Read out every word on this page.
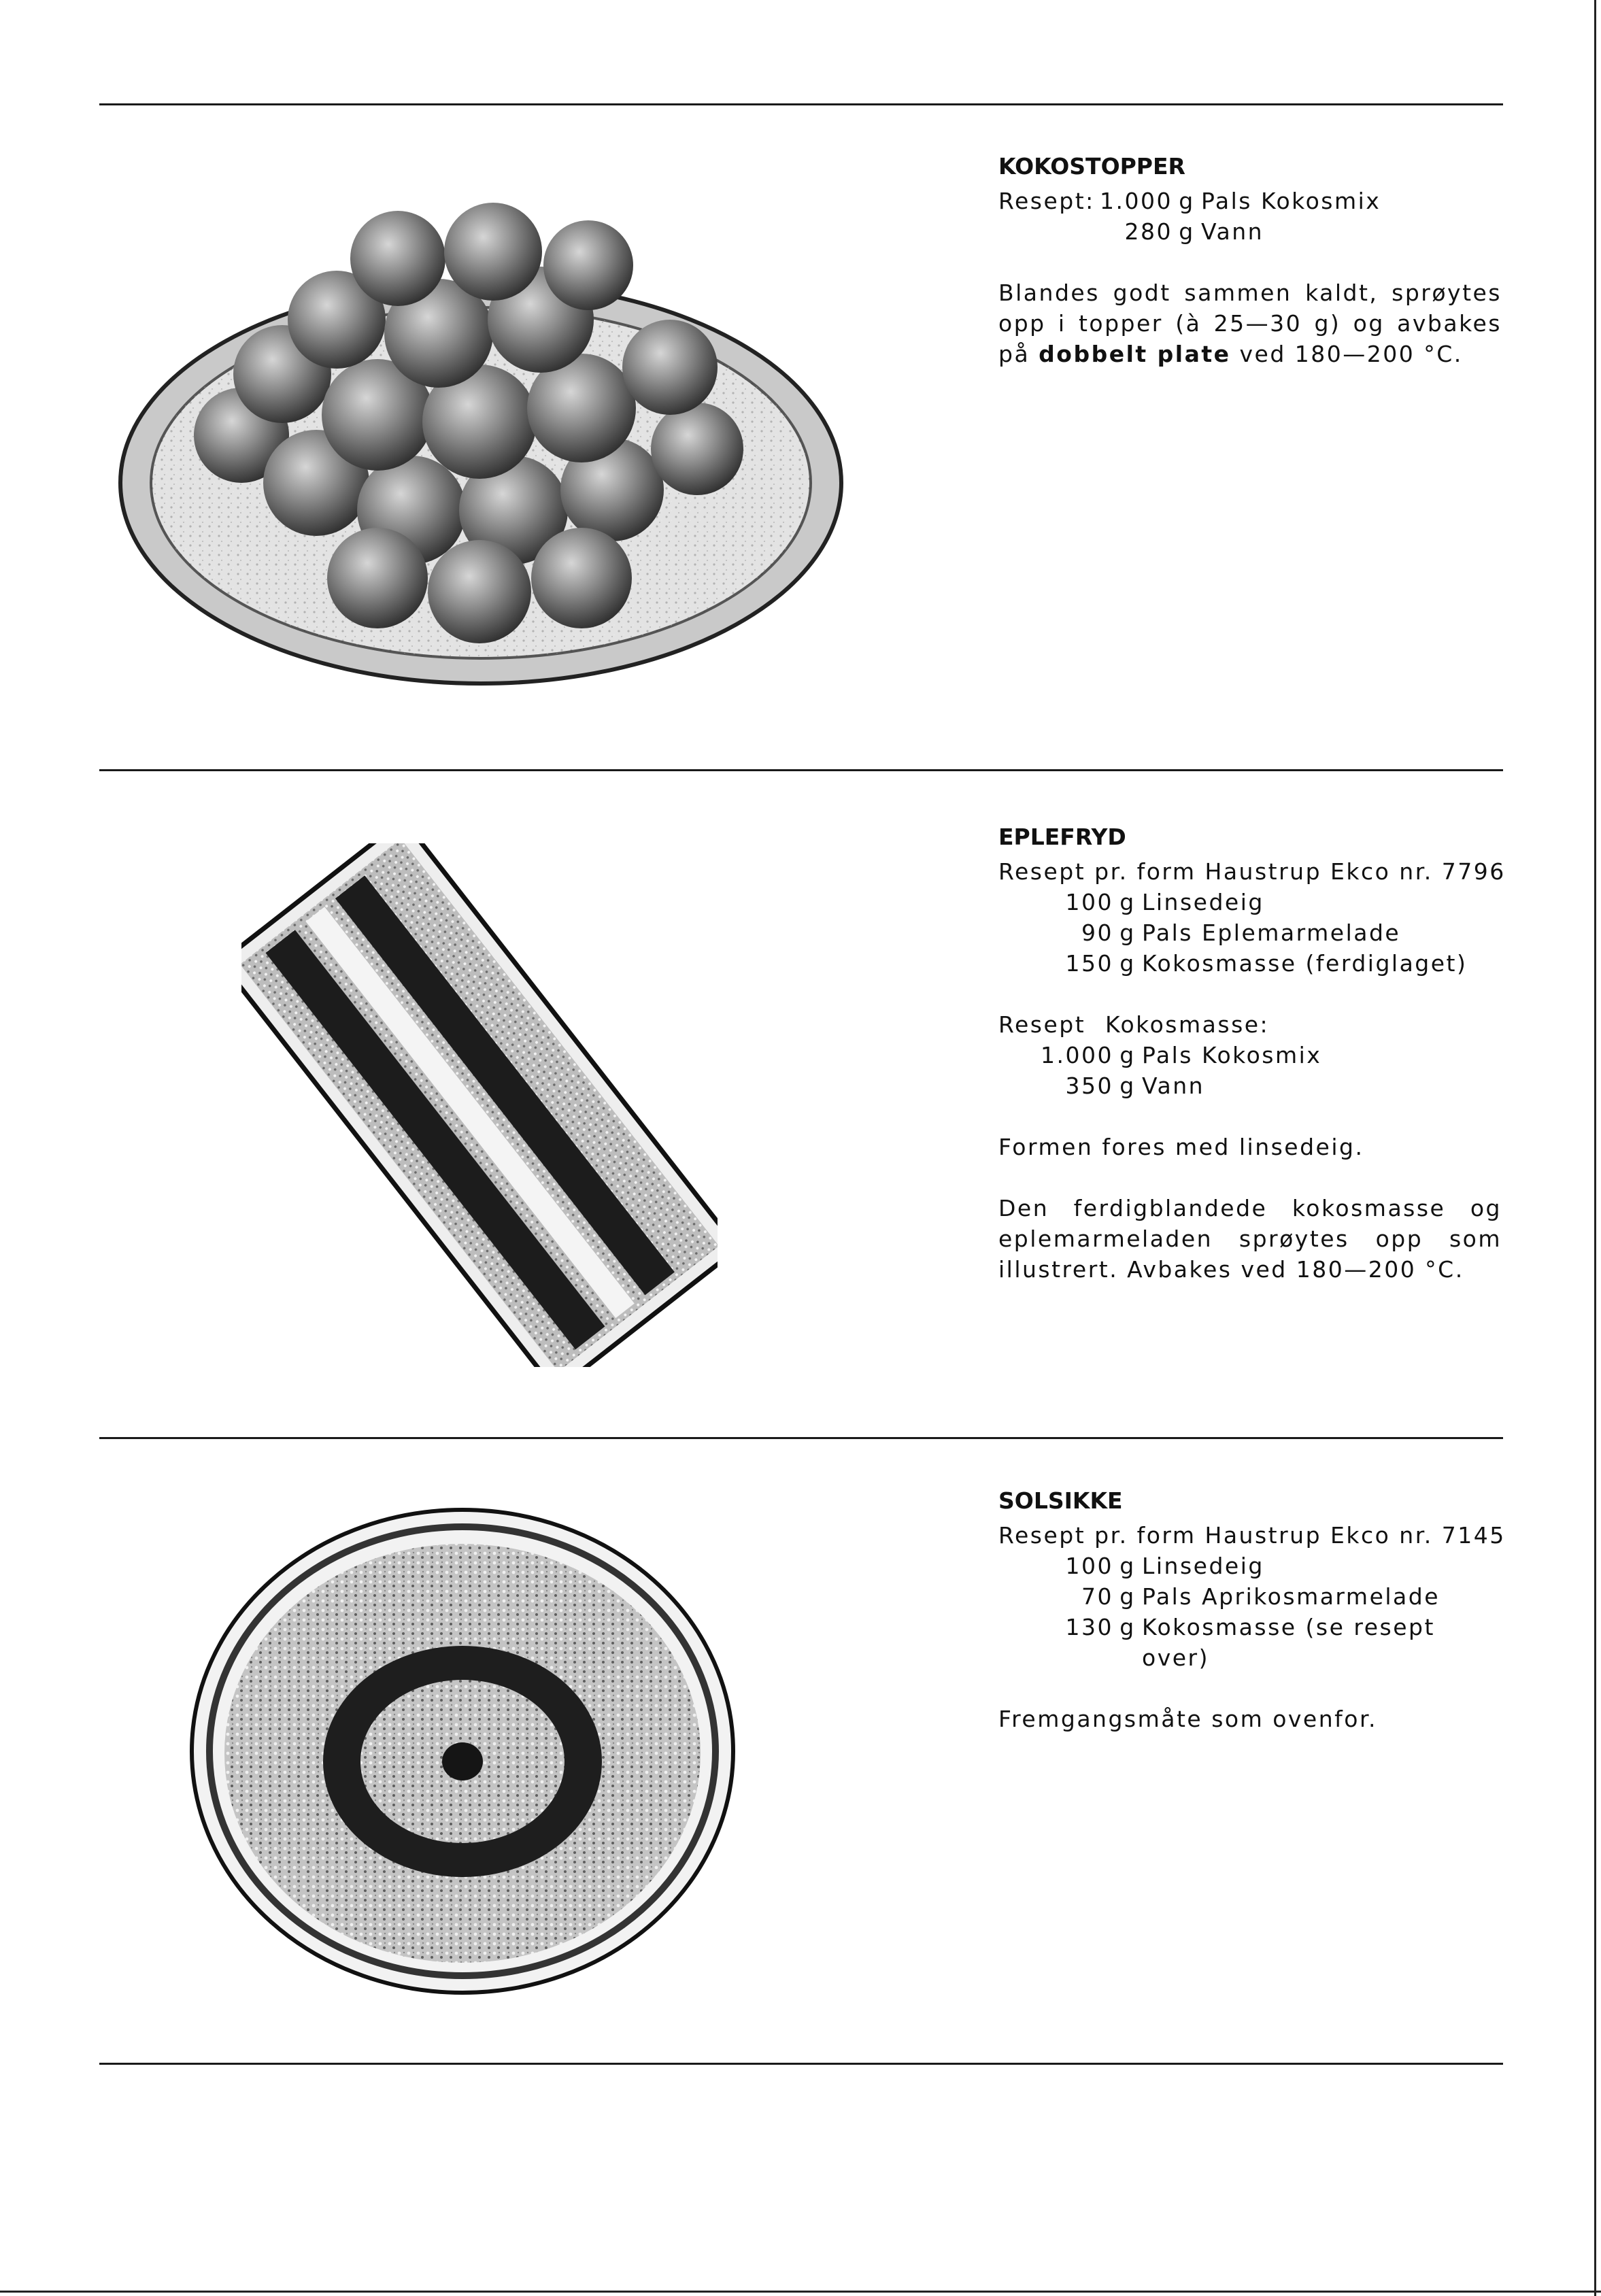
KOKOSTOPPER
Resept:
1.000 g Pals Kokosmix
280 g Vann
Blandes godt sammen kaldt, sprøytes opp i topper (à 25—30 g) og avbakes på dobbelt plate ved 180—200 °C.
EPLEFRYD
Resept pr. form Haustrup Ekco nr. 7796
100 g Linsedeig
90 g Pals Eplemarmelade
150 g Kokosmasse (ferdiglaget)
Resept Kokosmasse:
1.000 g Pals Kokosmix
350 g Vann
Formen fores med linsedeig.
Den ferdigblandede kokosmasse og eplemarmeladen sprøytes opp som illustrert. Avbakes ved 180—200 °C.
SOLSIKKE
Resept pr. form Haustrup Ekco nr. 7145
100 g Linsedeig
70 g Pals Aprikosmarmelade
130 g Kokosmasse (se resept
over)
Fremgangsmåte som ovenfor.
